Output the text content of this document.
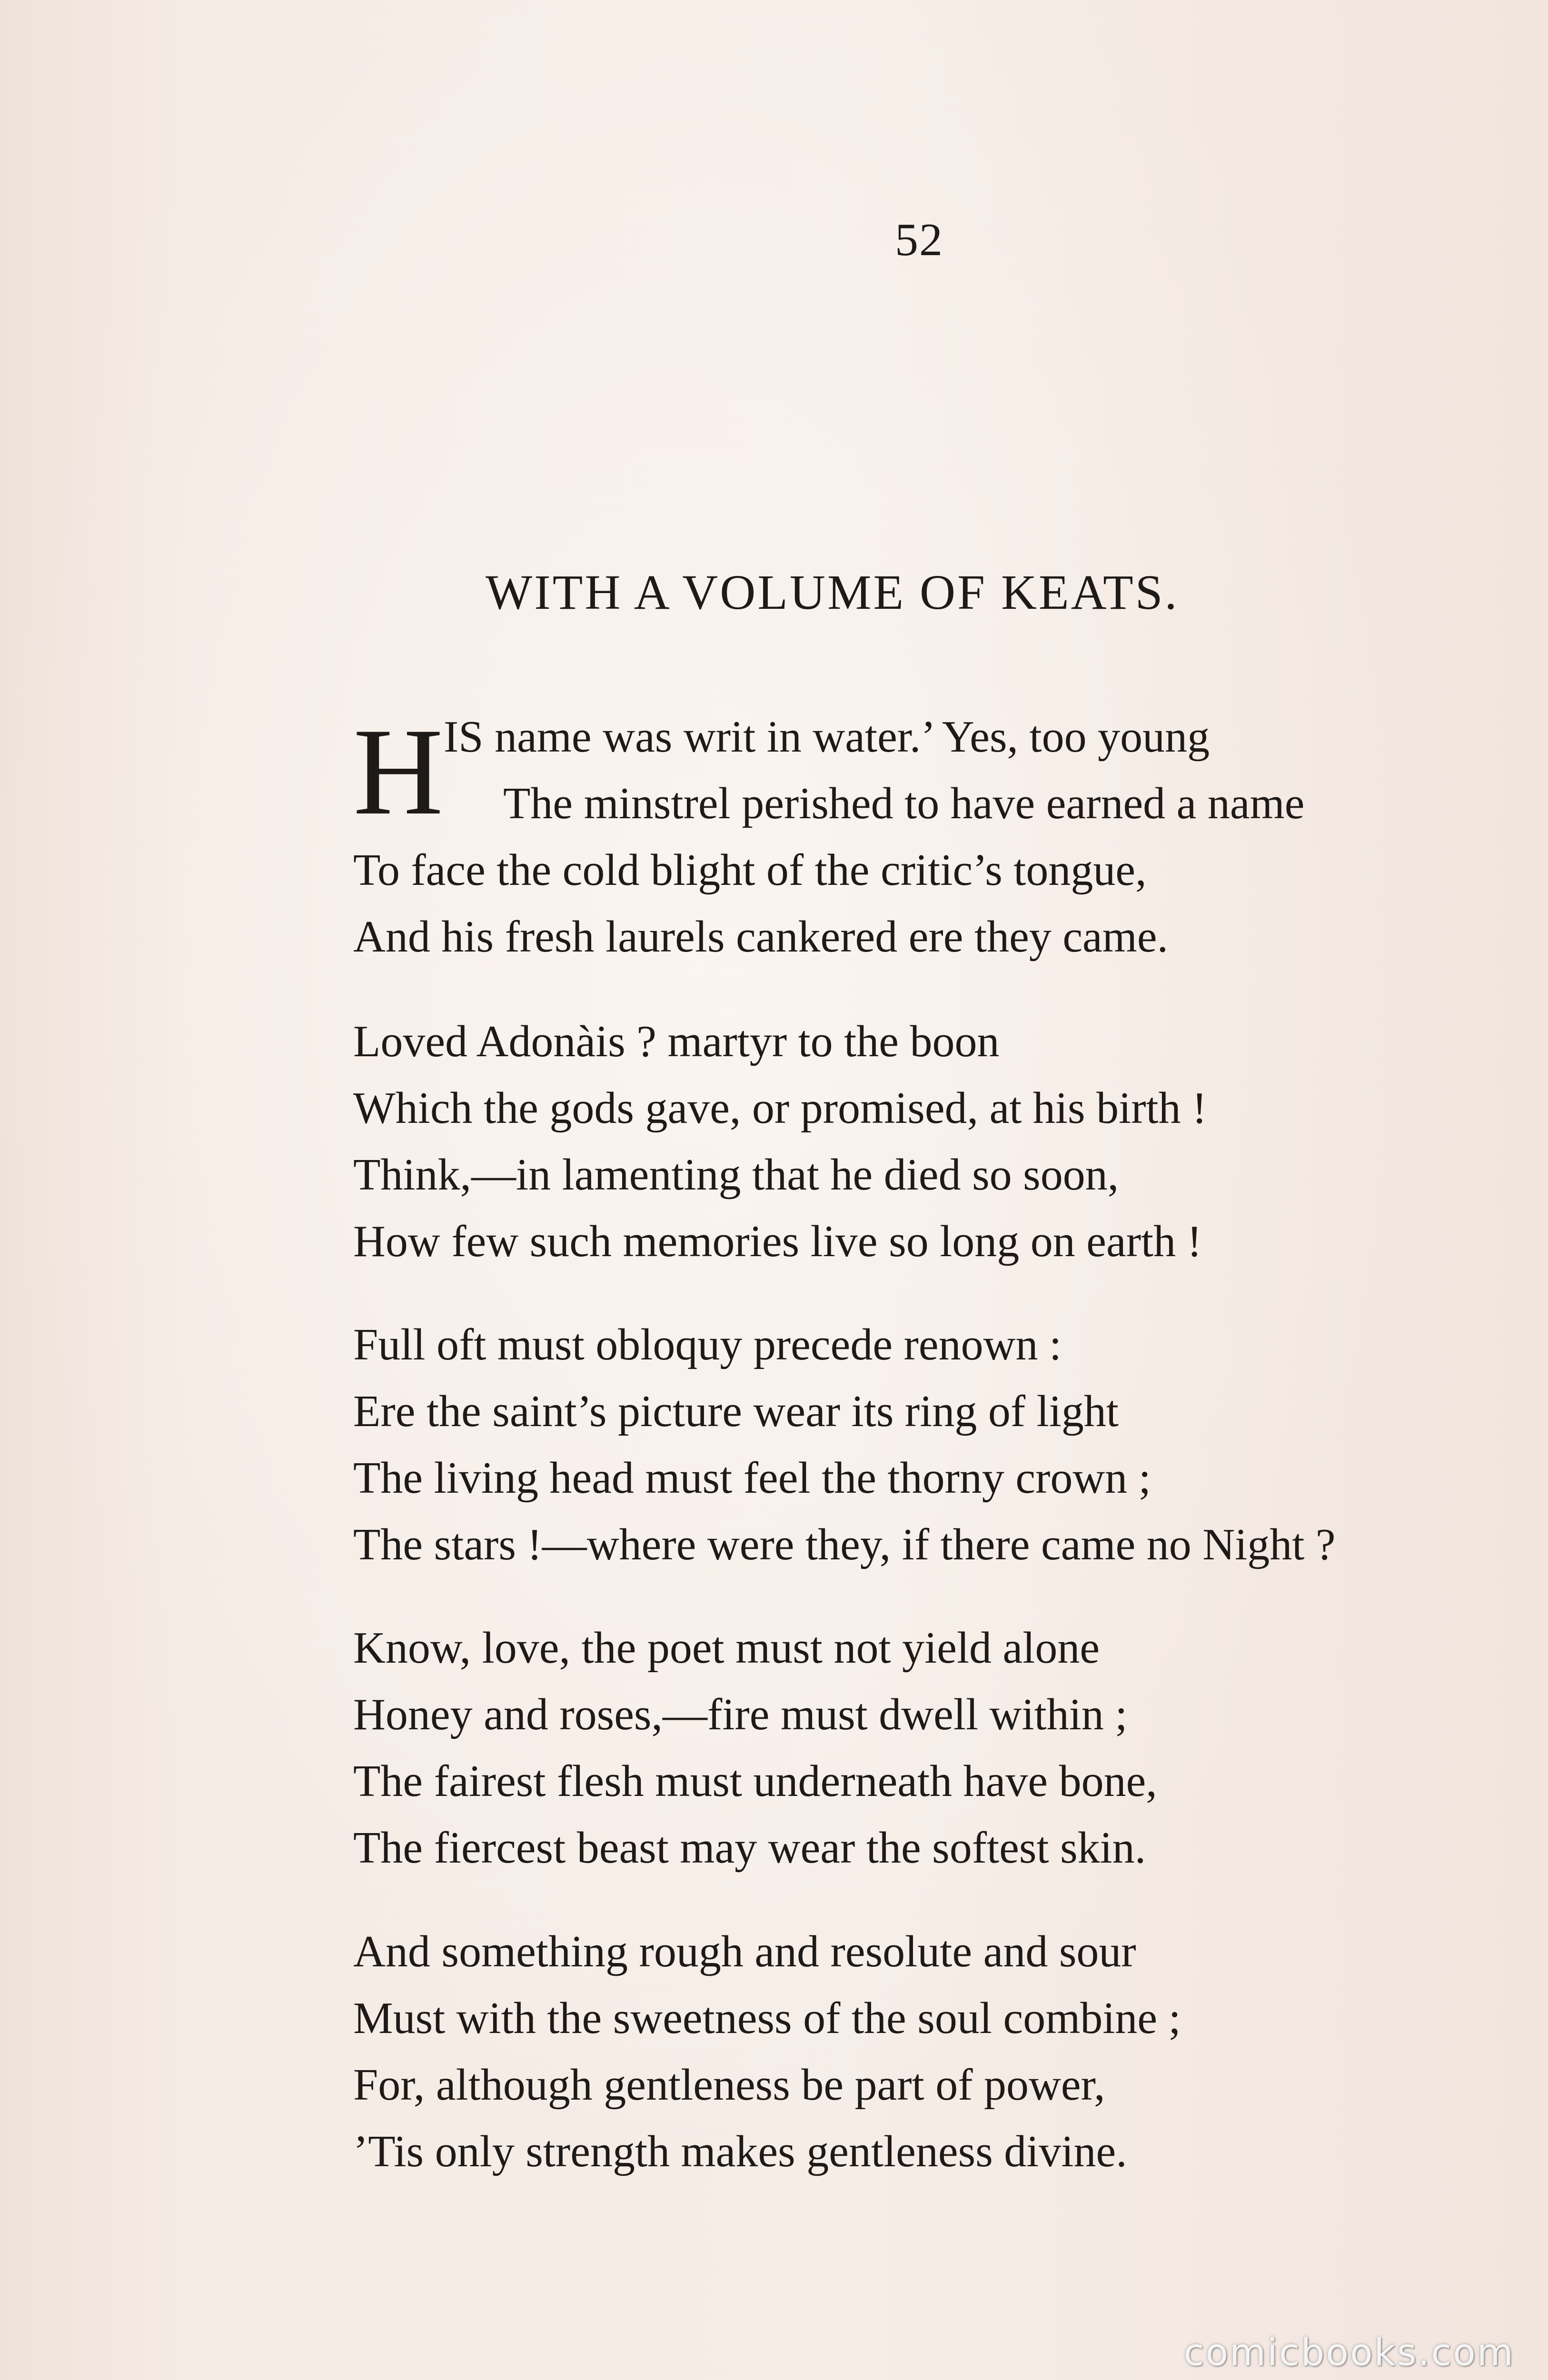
52
WITH A VOLUME OF KEATS.
H IS name was writ in water.’ Yes, too young
The minstrel perished to have earned a name
To face the cold blight of the critic’s tongue,
And his fresh laurels cankered ere they came.
Loved Adonàis ? martyr to the boon
Which the gods gave, or promised, at his birth !
Think,—in lamenting that he died so soon,
How few such memories live so long on earth !
Full oft must obloquy precede renown :
Ere the saint’s picture wear its ring of light
The living head must feel the thorny crown ;
The stars !—where were they, if there came no Night ?
Know, love, the poet must not yield alone
Honey and roses,—fire must dwell within ;
The fairest flesh must underneath have bone,
The fiercest beast may wear the softest skin.
And something rough and resolute and sour
Must with the sweetness of the soul combine ;
For, although gentleness be part of power,
’Tis only strength makes gentleness divine.
comicbooks.com
